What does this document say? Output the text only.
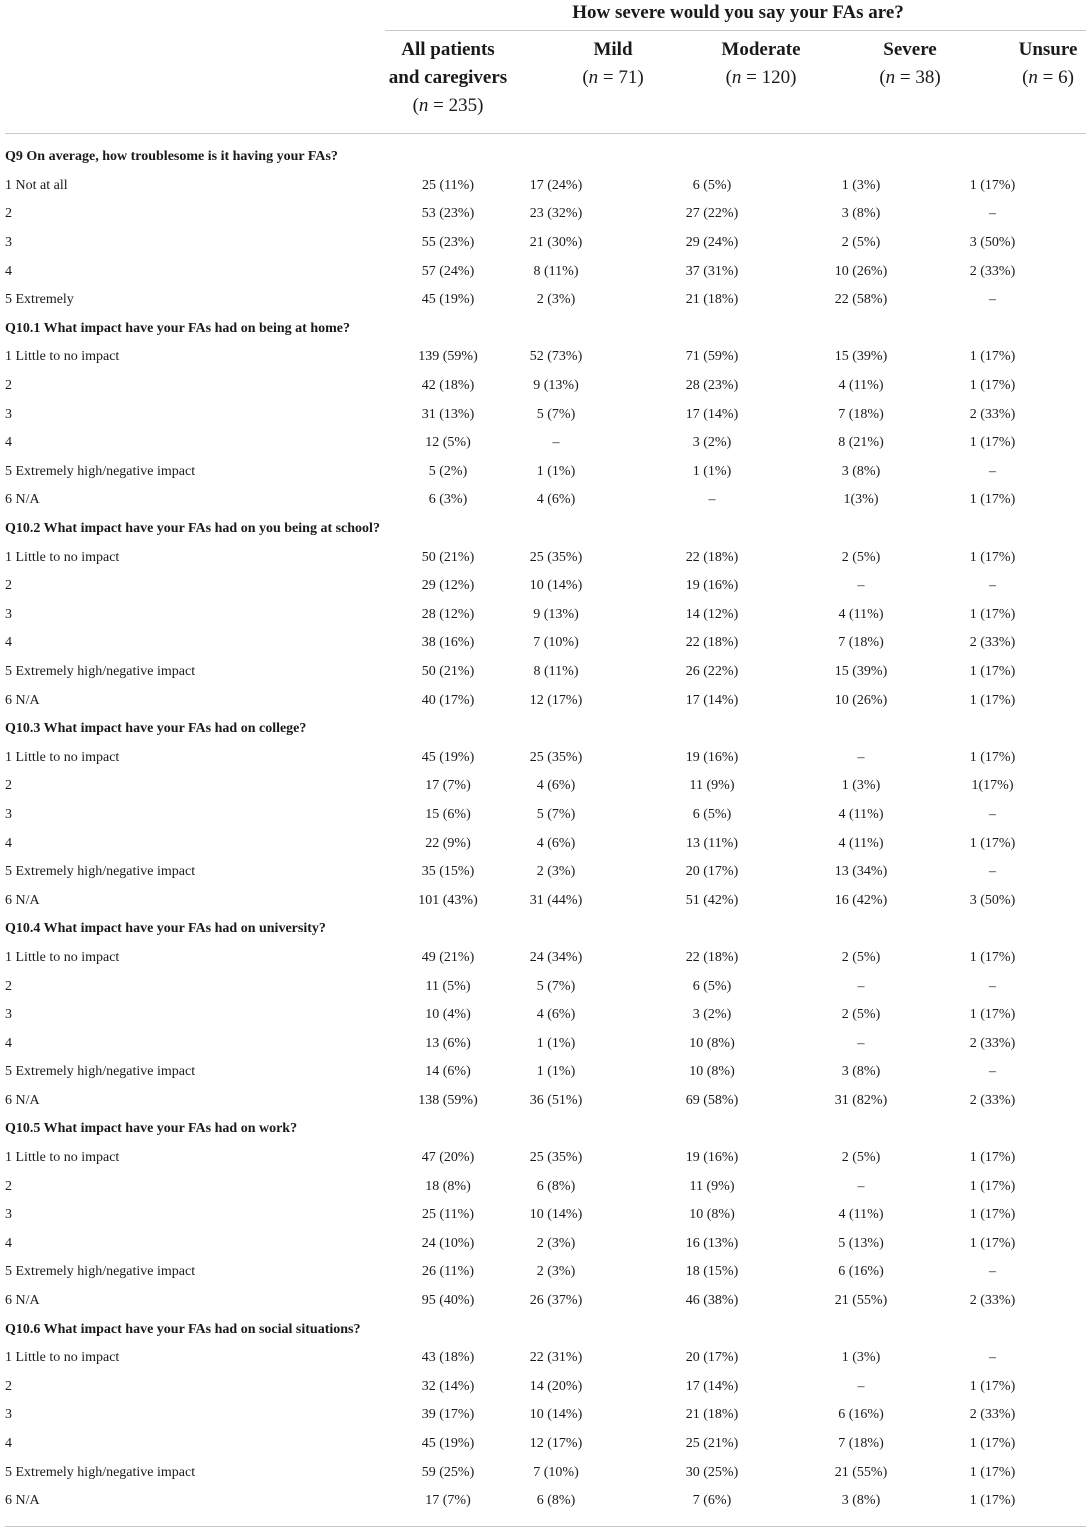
How severe would you say your FAs are?
All patients
and caregivers
(n = 235)
Mild
(n = 71)
Moderate
(n = 120)
Severe
(n = 38)
Unsure
(n = 6)
Q9 On average, how troublesome is it having your FAs?					
1 Not at all	25 (11%)	17 (24%)	6 (5%)	1 (3%)	1 (17%)
2	53 (23%)	23 (32%)	27 (22%)	3 (8%)	–
3	55 (23%)	21 (30%)	29 (24%)	2 (5%)	3 (50%)
4	57 (24%)	8 (11%)	37 (31%)	10 (26%)	2 (33%)
5 Extremely	45 (19%)	2 (3%)	21 (18%)	22 (58%)	–
Q10.1 What impact have your FAs had on being at home?					
1 Little to no impact	139 (59%)	52 (73%)	71 (59%)	15 (39%)	1 (17%)
2	42 (18%)	9 (13%)	28 (23%)	4 (11%)	1 (17%)
3	31 (13%)	5 (7%)	17 (14%)	7 (18%)	2 (33%)
4	12 (5%)	–	3 (2%)	8 (21%)	1 (17%)
5 Extremely high/negative impact	5 (2%)	1 (1%)	1 (1%)	3 (8%)	–
6 N/A	6 (3%)	4 (6%)	–	1(3%)	1 (17%)
Q10.2 What impact have your FAs had on you being at school?					
1 Little to no impact	50 (21%)	25 (35%)	22 (18%)	2 (5%)	1 (17%)
2	29 (12%)	10 (14%)	19 (16%)	–	–
3	28 (12%)	9 (13%)	14 (12%)	4 (11%)	1 (17%)
4	38 (16%)	7 (10%)	22 (18%)	7 (18%)	2 (33%)
5 Extremely high/negative impact	50 (21%)	8 (11%)	26 (22%)	15 (39%)	1 (17%)
6 N/A	40 (17%)	12 (17%)	17 (14%)	10 (26%)	1 (17%)
Q10.3 What impact have your FAs had on college?					
1 Little to no impact	45 (19%)	25 (35%)	19 (16%)	–	1 (17%)
2	17 (7%)	4 (6%)	11 (9%)	1 (3%)	1(17%)
3	15 (6%)	5 (7%)	6 (5%)	4 (11%)	–
4	22 (9%)	4 (6%)	13 (11%)	4 (11%)	1 (17%)
5 Extremely high/negative impact	35 (15%)	2 (3%)	20 (17%)	13 (34%)	–
6 N/A	101 (43%)	31 (44%)	51 (42%)	16 (42%)	3 (50%)
Q10.4 What impact have your FAs had on university?					
1 Little to no impact	49 (21%)	24 (34%)	22 (18%)	2 (5%)	1 (17%)
2	11 (5%)	5 (7%)	6 (5%)	–	–
3	10 (4%)	4 (6%)	3 (2%)	2 (5%)	1 (17%)
4	13 (6%)	1 (1%)	10 (8%)	–	2 (33%)
5 Extremely high/negative impact	14 (6%)	1 (1%)	10 (8%)	3 (8%)	–
6 N/A	138 (59%)	36 (51%)	69 (58%)	31 (82%)	2 (33%)
Q10.5 What impact have your FAs had on work?					
1 Little to no impact	47 (20%)	25 (35%)	19 (16%)	2 (5%)	1 (17%)
2	18 (8%)	6 (8%)	11 (9%)	–	1 (17%)
3	25 (11%)	10 (14%)	10 (8%)	4 (11%)	1 (17%)
4	24 (10%)	2 (3%)	16 (13%)	5 (13%)	1 (17%)
5 Extremely high/negative impact	26 (11%)	2 (3%)	18 (15%)	6 (16%)	–
6 N/A	95 (40%)	26 (37%)	46 (38%)	21 (55%)	2 (33%)
Q10.6 What impact have your FAs had on social situations?					
1 Little to no impact	43 (18%)	22 (31%)	20 (17%)	1 (3%)	–
2	32 (14%)	14 (20%)	17 (14%)	–	1 (17%)
3	39 (17%)	10 (14%)	21 (18%)	6 (16%)	2 (33%)
4	45 (19%)	12 (17%)	25 (21%)	7 (18%)	1 (17%)
5 Extremely high/negative impact	59 (25%)	7 (10%)	30 (25%)	21 (55%)	1 (17%)
6 N/A	17 (7%)	6 (8%)	7 (6%)	3 (8%)	1 (17%)
